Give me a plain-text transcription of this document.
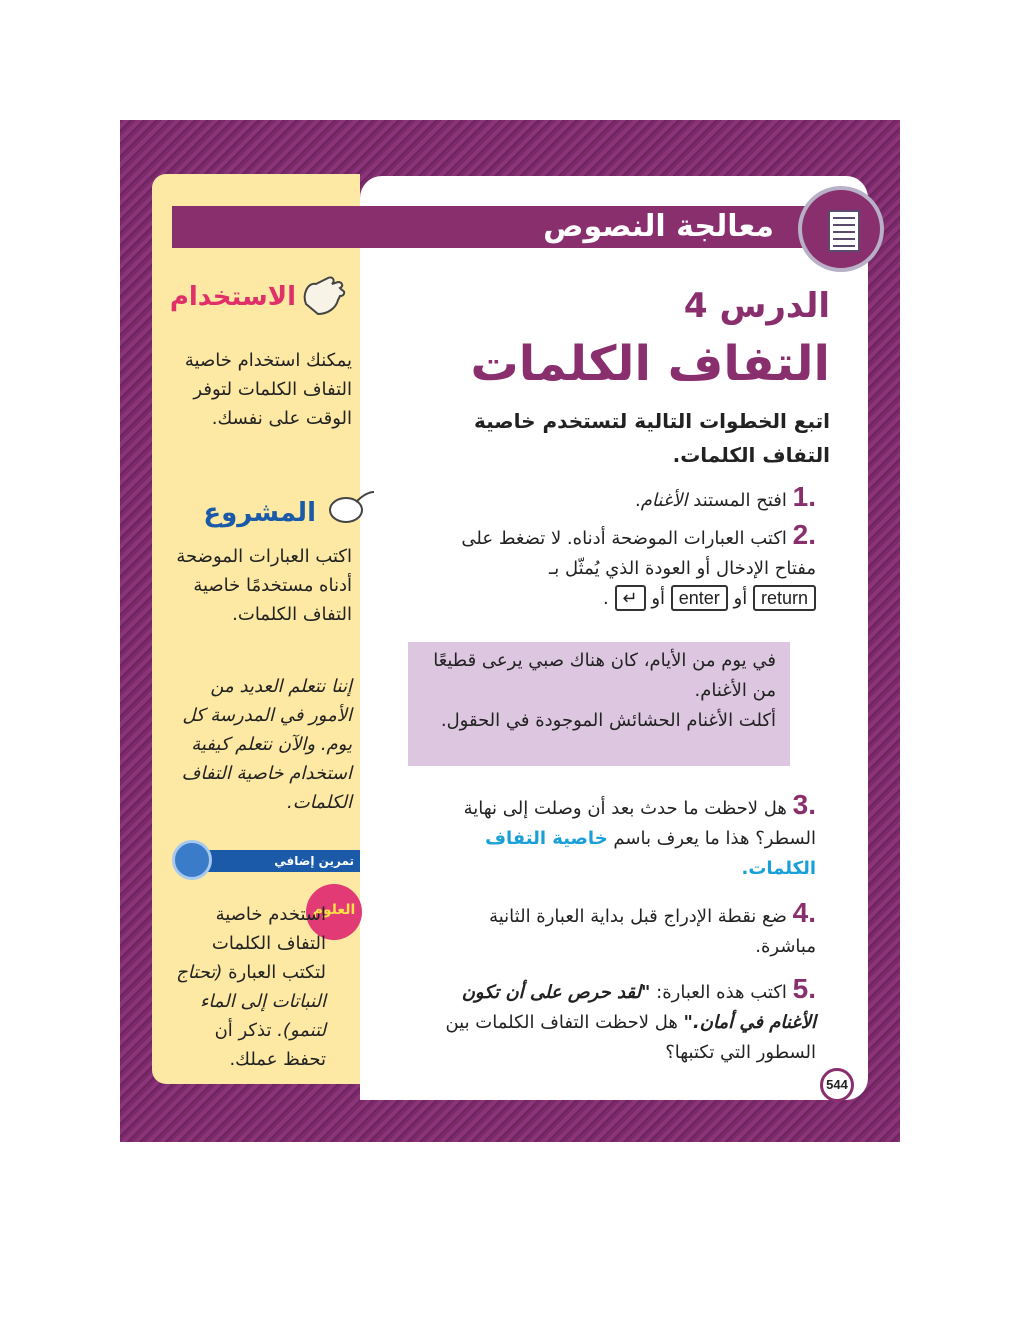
معالجة النصوص
الدرس 4
التفاف الكلمات
اتبع الخطوات التالية لتستخدم خاصية التفاف الكلمات.
.1 افتح المستند الأغنام.
.2 اكتب العبارات الموضحة أدناه. لا تضغط على مفتاح الإدخال أو العودة الذي يُمثّل بـ
return أو enter أو ↵ .
في يوم من الأيام، كان هناك صبي يرعى قطيعًا من الأغنام.
أكلت الأغنام الحشائش الموجودة في الحقول.
.3 هل لاحظت ما حدث بعد أن وصلت إلى نهاية السطر؟ هذا ما يعرف باسم خاصية التفاف الكلمات.
.4 ضع نقطة الإدراج قبل بداية العبارة الثانية مباشرة.
.5 اكتب هذه العبارة: "لقد حرص على أن تكون الأغنام في أمان." هل لاحظت التفاف الكلمات بين السطور التي تكتبها؟
الاستخدام
يمكنك استخدام خاصية التفاف الكلمات لتوفر الوقت على نفسك.
المشروع
اكتب العبارات الموضحة أدناه مستخدمًا خاصية التفاف الكلمات.
إننا نتعلم العديد من الأمور في المدرسة كل يوم. والآن نتعلم كيفية استخدام خاصية التفاف الكلمات.
تمرين إضافي
العلوم
استخدم خاصية التفاف الكلمات لتكتب العبارة (تحتاج النباتات إلى الماء لتنمو). تذكر أن تحفظ عملك.
544
